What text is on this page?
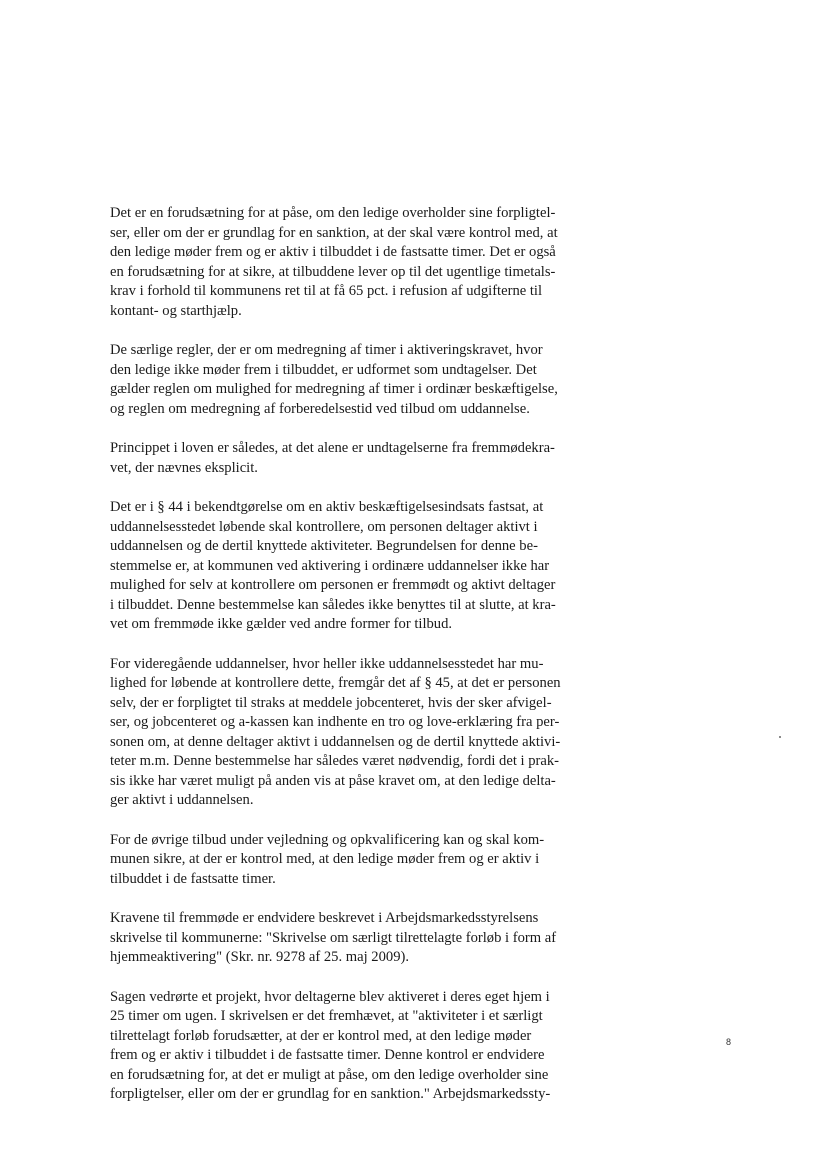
Det er en forudsætning for at påse, om den ledige overholder sine forpligtel-
ser, eller om der er grundlag for en sanktion, at der skal være kontrol med, at
den ledige møder frem og er aktiv i tilbuddet i de fastsatte timer. Det er også
en forudsætning for at sikre, at tilbuddene lever op til det ugentlige timetals-
krav i forhold til kommunens ret til at få 65 pct. i refusion af udgifterne til
kontant- og starthjælp.

De særlige regler, der er om medregning af timer i aktiveringskravet, hvor
den ledige ikke møder frem i tilbuddet, er udformet som undtagelser. Det
gælder reglen om mulighed for medregning af timer i ordinær beskæftigelse,
og reglen om medregning af forberedelsestid ved tilbud om uddannelse.

Princippet i loven er således, at det alene er undtagelserne fra fremmødekra-
vet, der nævnes eksplicit.

Det er i § 44 i bekendtgørelse om en aktiv beskæftigelsesindsats fastsat, at
uddannelsesstedet løbende skal kontrollere, om personen deltager aktivt i
uddannelsen og de dertil knyttede aktiviteter. Begrundelsen for denne be-
stemmelse er, at kommunen ved aktivering i ordinære uddannelser ikke har
mulighed for selv at kontrollere om personen er fremmødt og aktivt deltager
i tilbuddet. Denne bestemmelse kan således ikke benyttes til at slutte, at kra-
vet om fremmøde ikke gælder ved andre former for tilbud.

For videregående uddannelser, hvor heller ikke uddannelsesstedet har mu-
lighed for løbende at kontrollere dette, fremgår det af § 45, at det er personen
selv, der er forpligtet til straks at meddele jobcenteret, hvis der sker afvigel-
ser, og jobcenteret og a-kassen kan indhente en tro og love-erklæring fra per-
sonen om, at denne deltager aktivt i uddannelsen og de dertil knyttede aktivi-
teter m.m. Denne bestemmelse har således været nødvendig, fordi det i prak-
sis ikke har været muligt på anden vis at påse kravet om, at den ledige delta-
ger aktivt i uddannelsen.

For de øvrige tilbud under vejledning og opkvalificering kan og skal kom-
munen sikre, at der er kontrol med, at den ledige møder frem og er aktiv i
tilbuddet i de fastsatte timer.

Kravene til fremmøde er endvidere beskrevet i Arbejdsmarkedsstyrelsens
skrivelse til kommunerne: "Skrivelse om særligt tilrettelagte forløb i form af
hjemmeaktivering" (Skr. nr. 9278 af 25. maj 2009).

Sagen vedrørte et projekt, hvor deltagerne blev aktiveret i deres eget hjem i
25 timer om ugen. I skrivelsen er det fremhævet, at "aktiviteter i et særligt
tilrettelagt forløb forudsætter, at der er kontrol med, at den ledige møder
frem og er aktiv i tilbuddet i de fastsatte timer. Denne kontrol er endvidere
en forudsætning for, at det er muligt at påse, om den ledige overholder sine
forpligtelser, eller om der er grundlag for en sanktion." Arbejdsmarkedssty-

8
